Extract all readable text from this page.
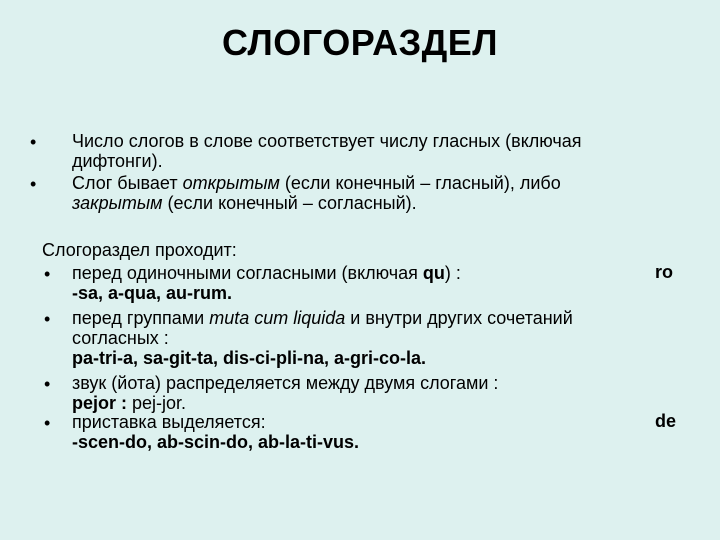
СЛОГОРАЗДЕЛ
• Число слогов в слове соответствует числу гласных (включая
дифтонги).
• Слог бывает открытым (если конечный – гласный), либо
закрытым (если конечный – согласный).
Слогораздел проходит:
• перед одиночными согласными (включая qu) :
-sa, a-qua, au-rum.
• перед группами muta cum liquida и внутри других сочетаний
согласных :
pa-tri-a, sa-git-ta, dis-ci-pli-na, a-gri-co-la.
• звук (йота) распределяется между двумя слогами :
pejor : pej-jor.
• приставка выделяется:
-scen-do, ab-scin-do, ab-la-ti-vus.
ro
de
